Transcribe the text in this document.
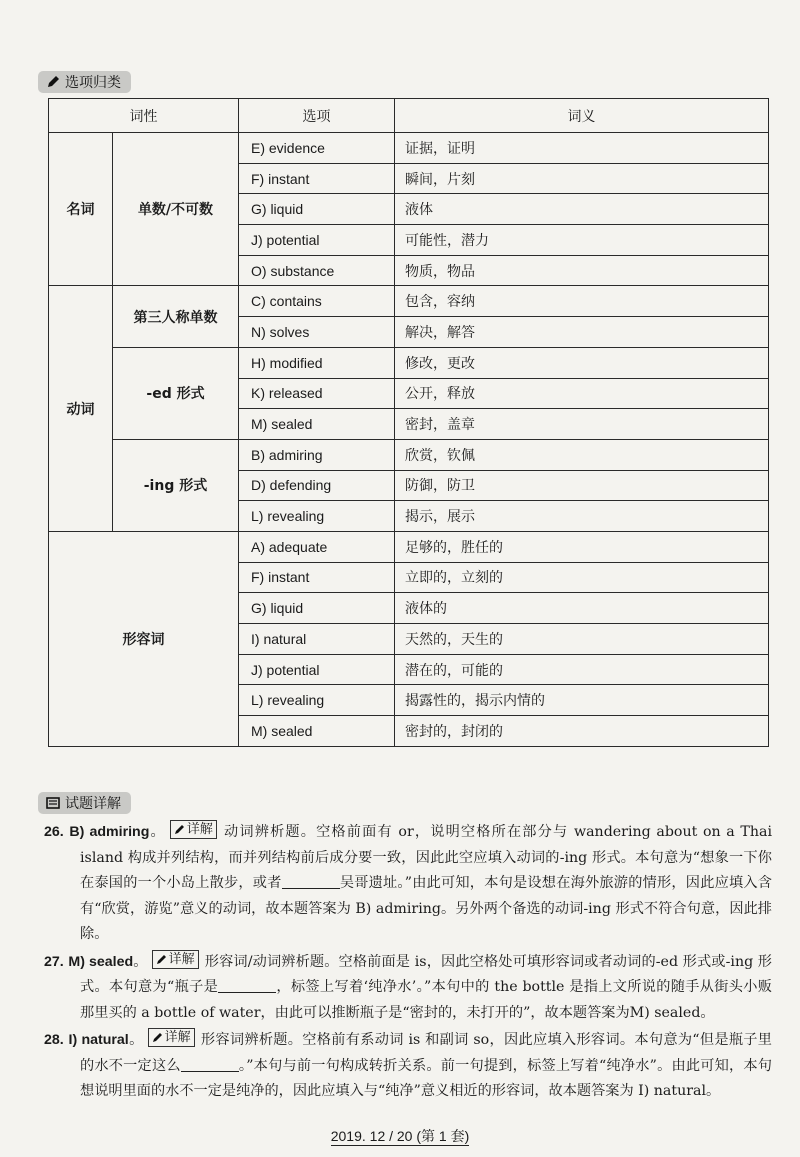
选项归类
词性		选项	词义
名词	单数/不可数	E) evidence	证据，证明
		F) instant	瞬间，片刻
		G) liquid	液体
		J) potential	可能性，潜力
		O) substance	物质，物品
动词	第三人称单数	C) contains	包含，容纳
		N) solves	解决，解答
	-ed 形式	H) modified	修改，更改
		K) released	公开，释放
		M) sealed	密封，盖章
	-ing 形式	B) admiring	欣赏，钦佩
		D) defending	防御，防卫
		L) revealing	揭示，展示
形容词		A) adequate	足够的，胜任的
		F) instant	立即的，立刻的
		G) liquid	液体的
		I) natural	天然的，天生的
		J) potential	潜在的，可能的
		L) revealing	揭露性的，揭示内情的
		M) sealed	密封的，封闭的
试题详解

26. B) admiring。 详解 动词辨析题。空格前面有 or，说明空格所在部分与 wandering about on a Thai island 构成并列结构，而并列结构前后成分要一致，因此此空应填入动词的-ing 形式。本句意为“想象一下你在泰国的一个小岛上散步，或者	吴哥遗址。”由此可知，本句是设想在海外旅游的情形，因此应填入含有“欣赏，游览”意义的动词，故本题答案为 B) admiring。另外两个备选的动词-ing 形式不符合句意，因此排除。

27. M) sealed。 详解 形容词/动词辨析题。空格前面是 is，因此空格处可填形容词或者动词的-ed 形式或-ing 形式。本句意为“瓶子是	，标签上写着‘纯净水’。”本句中的 the bottle 是指上文所说的随手从街头小贩那里买的 a bottle of water，由此可以推断瓶子是“密封的，未打开的”，故本题答案为M) sealed。

28. I) natural。 详解 形容词辨析题。空格前有系动词 is 和副词 so，因此应填入形容词。本句意为“但是瓶子里的水不一定这么	。”本句与前一句构成转折关系。前一句提到，标签上写着“纯净水”。由此可知，本句想说明里面的水不一定是纯净的，因此应填入与“纯净”意义相近的形容词，故本题答案为 I) natural。

2019. 12 / 20 (第 1 套)
